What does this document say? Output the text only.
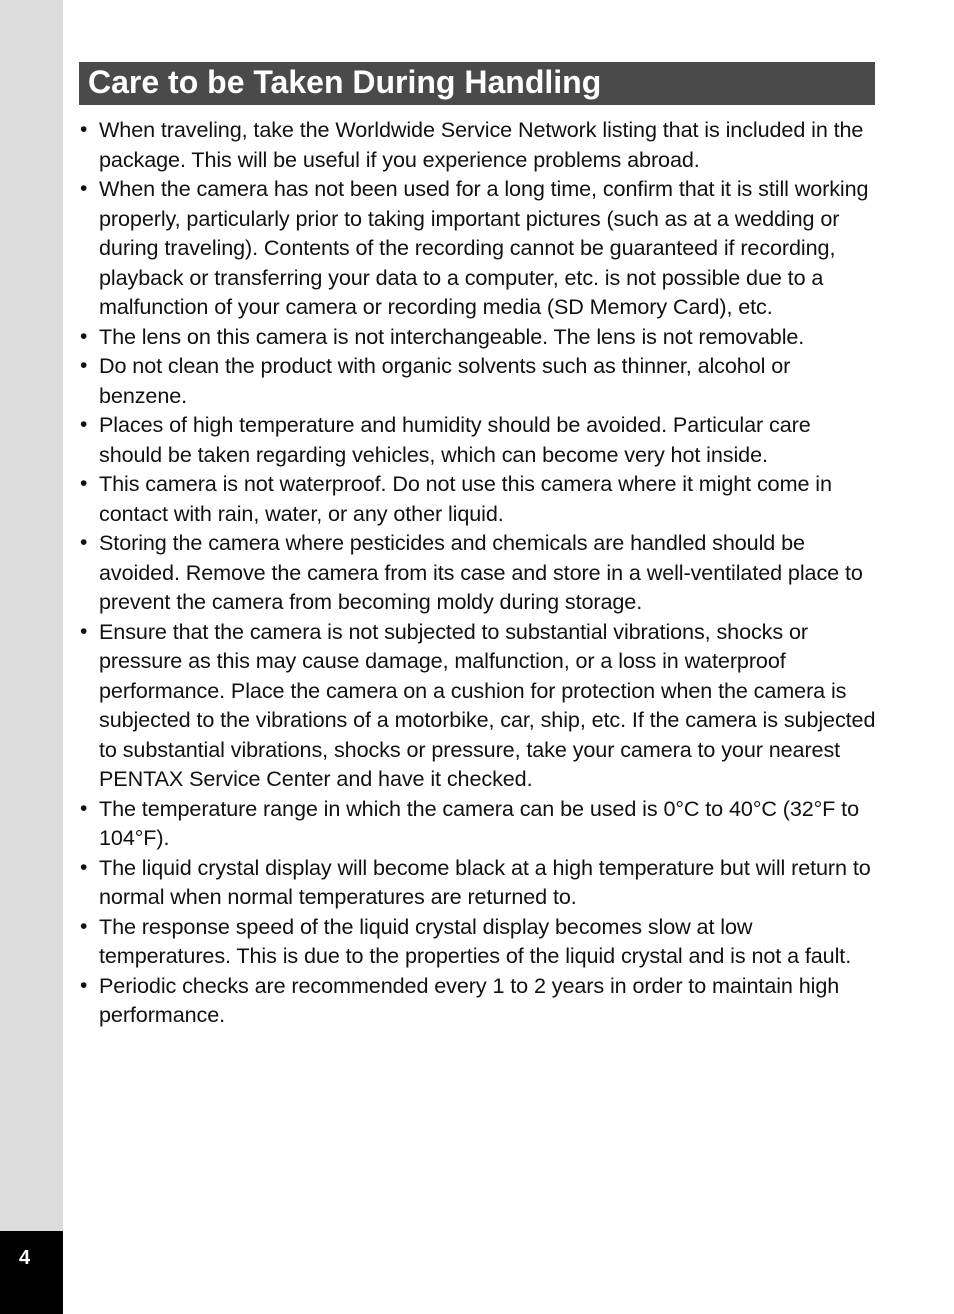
4
Care to be Taken During Handling
• When traveling, take the Worldwide Service Network listing that is included in the package. This will be useful if you experience problems abroad.
• When the camera has not been used for a long time, confirm that it is still working properly, particularly prior to taking important pictures (such as at a wedding or during traveling). Contents of the recording cannot be guaranteed if recording, playback or transferring your data to a computer, etc. is not possible due to a malfunction of your camera or recording media (SD Memory Card), etc.
• The lens on this camera is not interchangeable. The lens is not removable.
• Do not clean the product with organic solvents such as thinner, alcohol or benzene.
• Places of high temperature and humidity should be avoided. Particular care should be taken regarding vehicles, which can become very hot inside.
• This camera is not waterproof. Do not use this camera where it might come in contact with rain, water, or any other liquid.
• Storing the camera where pesticides and chemicals are handled should be avoided. Remove the camera from its case and store in a well-ventilated place to prevent the camera from becoming moldy during storage.
• Ensure that the camera is not subjected to substantial vibrations, shocks or pressure as this may cause damage, malfunction, or a loss in waterproof performance. Place the camera on a cushion for protection when the camera is subjected to the vibrations of a motorbike, car, ship, etc. If the camera is subjected to substantial vibrations, shocks or pressure, take your camera to your nearest PENTAX Service Center and have it checked.
• The temperature range in which the camera can be used is 0°C to 40°C (32°F to 104°F).
• The liquid crystal display will become black at a high temperature but will return to normal when normal temperatures are returned to.
• The response speed of the liquid crystal display becomes slow at low temperatures. This is due to the properties of the liquid crystal and is not a fault.
• Periodic checks are recommended every 1 to 2 years in order to maintain high performance.
